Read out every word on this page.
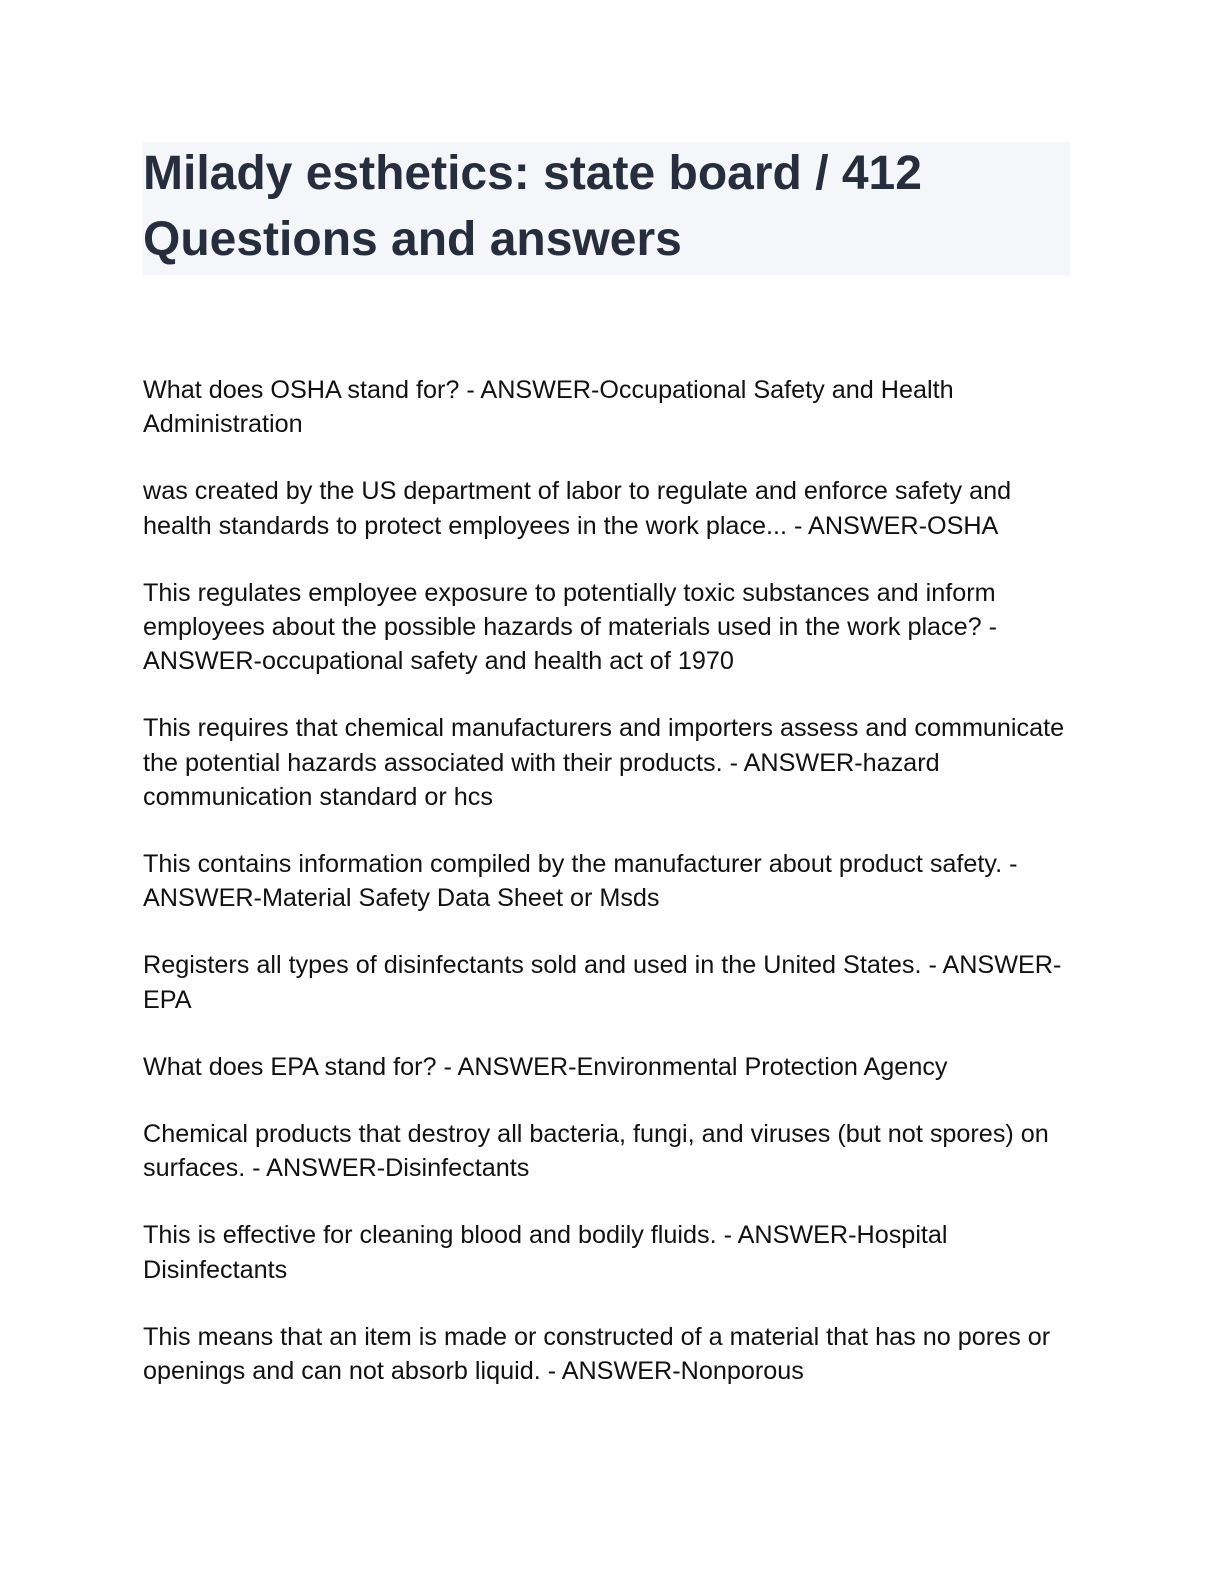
Milady esthetics: state board / 412 Questions and answers
What does OSHA stand for? - ANSWER-Occupational Safety and Health Administration
was created by the US department of labor to regulate and enforce safety and health standards to protect employees in the work place... - ANSWER-OSHA
This regulates employee exposure to potentially toxic substances and inform employees about the possible hazards of materials used in the work place? - ANSWER-occupational safety and health act of 1970
This requires that chemical manufacturers and importers assess and communicate the potential hazards associated with their products. - ANSWER-hazard communication standard or hcs
This contains information compiled by the manufacturer about product safety. - ANSWER-Material Safety Data Sheet or Msds
Registers all types of disinfectants sold and used in the United States. - ANSWER-EPA
What does EPA stand for? - ANSWER-Environmental Protection Agency
Chemical products that destroy all bacteria, fungi, and viruses (but not spores) on surfaces. - ANSWER-Disinfectants
This is effective for cleaning blood and bodily fluids. - ANSWER-Hospital Disinfectants
This means that an item is made or constructed of a material that has no pores or openings and can not absorb liquid. - ANSWER-Nonporous
